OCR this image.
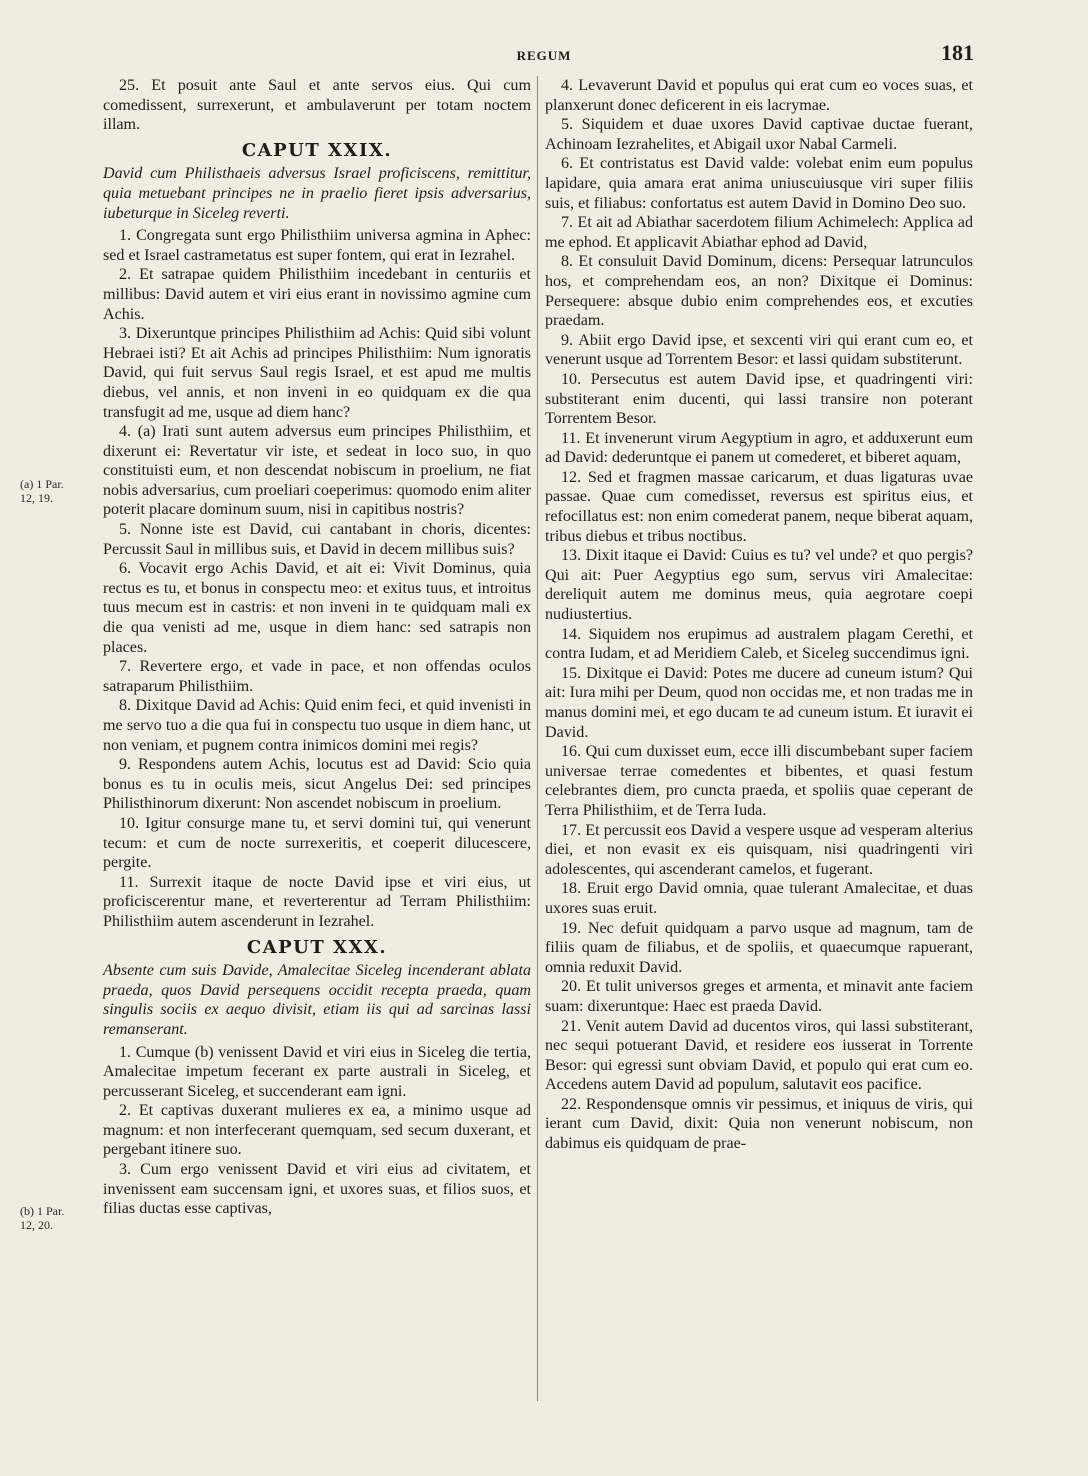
REGUM	181
(a) 1 Par.
12, 19.
(b) 1 Par.
12, 20.

25. Et posuit ante Saul et ante servos eius. Qui cum comedissent, surrexerunt, et ambulaverunt per totam noctem illam.

CAPUT XXIX.

David cum Philisthaeis adversus Israel proficiscens, remittitur, quia metuebant principes ne in praelio fieret ipsis adversarius, iubeturque in Siceleg reverti.

1. Congregata sunt ergo Philisthiim universa agmina in Aphec: sed et Israel castrametatus est super fontem, qui erat in Iezrahel.

2. Et satrapae quidem Philisthiim incedebant in centuriis et millibus: David autem et viri eius erant in novissimo agmine cum Achis.

3. Dixeruntque principes Philisthiim ad Achis: Quid sibi volunt Hebraei isti? Et ait Achis ad principes Philisthiim: Num ignoratis David, qui fuit servus Saul regis Israel, et est apud me multis diebus, vel annis, et non inveni in eo quidquam ex die qua transfugit ad me, usque ad diem hanc?

4. (a) Irati sunt autem adversus eum principes Philisthiim, et dixerunt ei: Revertatur vir iste, et sedeat in loco suo, in quo constituisti eum, et non descendat nobiscum in proelium, ne fiat nobis adversarius, cum proeliari coeperimus: quomodo enim aliter poterit placare dominum suum, nisi in capitibus nostris?

5. Nonne iste est David, cui cantabant in choris, dicentes: Percussit Saul in millibus suis, et David in decem millibus suis?

6. Vocavit ergo Achis David, et ait ei: Vivit Dominus, quia rectus es tu, et bonus in conspectu meo: et exitus tuus, et introitus tuus mecum est in castris: et non inveni in te quidquam mali ex die qua venisti ad me, usque in diem hanc: sed satrapis non places.

7. Revertere ergo, et vade in pace, et non offendas oculos satraparum Philisthiim.

8. Dixitque David ad Achis: Quid enim feci, et quid invenisti in me servo tuo a die qua fui in conspectu tuo usque in diem hanc, ut non veniam, et pugnem contra inimicos domini mei regis?

9. Respondens autem Achis, locutus est ad David: Scio quia bonus es tu in oculis meis, sicut Angelus Dei: sed principes Philisthinorum dixerunt: Non ascendet nobiscum in proelium.

10. Igitur consurge mane tu, et servi domini tui, qui venerunt tecum: et cum de nocte surrexeritis, et coeperit dilucescere, pergite.

11. Surrexit itaque de nocte David ipse et viri eius, ut proficiscerentur mane, et reverterentur ad Terram Philisthiim: Philisthiim autem ascenderunt in Iezrahel.

CAPUT XXX.

Absente cum suis Davide, Amalecitae Siceleg incenderant ablata praeda, quos David persequens occidit recepta praeda, quam singulis sociis ex aequo divisit, etiam iis qui ad sarcinas lassi remanserant.

1. Cumque (b) venissent David et viri eius in Siceleg die tertia, Amalecitae impetum fecerant ex parte australi in Siceleg, et percusserant Siceleg, et succenderant eam igni.

2. Et captivas duxerant mulieres ex ea, a minimo usque ad magnum: et non interfecerant quemquam, sed secum duxerant, et pergebant itinere suo.

3. Cum ergo venissent David et viri eius ad civitatem, et invenissent eam succensam igni, et uxores suas, et filios suos, et filias ductas esse captivas,

4. Levaverunt David et populus qui erat cum eo voces suas, et planxerunt donec deficerent in eis lacrymae.

5. Siquidem et duae uxores David captivae ductae fuerant, Achinoam Iezrahelites, et Abigail uxor Nabal Carmeli.

6. Et contristatus est David valde: volebat enim eum populus lapidare, quia amara erat anima uniuscuiusque viri super filiis suis, et filiabus: confortatus est autem David in Domino Deo suo.

7. Et ait ad Abiathar sacerdotem filium Achimelech: Applica ad me ephod. Et applicavit Abiathar ephod ad David,

8. Et consuluit David Dominum, dicens: Persequar latrunculos hos, et comprehendam eos, an non? Dixitque ei Dominus: Persequere: absque dubio enim comprehendes eos, et excuties praedam.

9. Abiit ergo David ipse, et sexcenti viri qui erant cum eo, et venerunt usque ad Torrentem Besor: et lassi quidam substiterunt.

10. Persecutus est autem David ipse, et quadringenti viri: substiterant enim ducenti, qui lassi transire non poterant Torrentem Besor.

11. Et invenerunt virum Aegyptium in agro, et adduxerunt eum ad David: dederuntque ei panem ut comederet, et biberet aquam,

12. Sed et fragmen massae caricarum, et duas ligaturas uvae passae. Quae cum comedisset, reversus est spiritus eius, et refocillatus est: non enim comederat panem, neque biberat aquam, tribus diebus et tribus noctibus.

13. Dixit itaque ei David: Cuius es tu? vel unde? et quo pergis? Qui ait: Puer Aegyptius ego sum, servus viri Amalecitae: dereliquit autem me dominus meus, quia aegrotare coepi nudiustertius.

14. Siquidem nos erupimus ad australem plagam Cerethi, et contra Iudam, et ad Meridiem Caleb, et Siceleg succendimus igni.

15. Dixitque ei David: Potes me ducere ad cuneum istum? Qui ait: Iura mihi per Deum, quod non occidas me, et non tradas me in manus domini mei, et ego ducam te ad cuneum istum. Et iuravit ei David.

16. Qui cum duxisset eum, ecce illi discumbebant super faciem universae terrae comedentes et bibentes, et quasi festum celebrantes diem, pro cuncta praeda, et spoliis quae ceperant de Terra Philisthiim, et de Terra Iuda.

17. Et percussit eos David a vespere usque ad vesperam alterius diei, et non evasit ex eis quisquam, nisi quadringenti viri adolescentes, qui ascenderant camelos, et fugerant.

18. Eruit ergo David omnia, quae tulerant Amalecitae, et duas uxores suas eruit.

19. Nec defuit quidquam a parvo usque ad magnum, tam de filiis quam de filiabus, et de spoliis, et quaecumque rapuerant, omnia reduxit David.

20. Et tulit universos greges et armenta, et minavit ante faciem suam: dixeruntque: Haec est praeda David.

21. Venit autem David ad ducentos viros, qui lassi substiterant, nec sequi potuerant David, et residere eos iusserat in Torrente Besor: qui egressi sunt obviam David, et populo qui erat cum eo. Accedens autem David ad populum, salutavit eos pacifice.

22. Respondensque omnis vir pessimus, et iniquus de viris, qui ierant cum David, dixit: Quia non venerunt nobiscum, non dabimus eis quidquam de prae-
